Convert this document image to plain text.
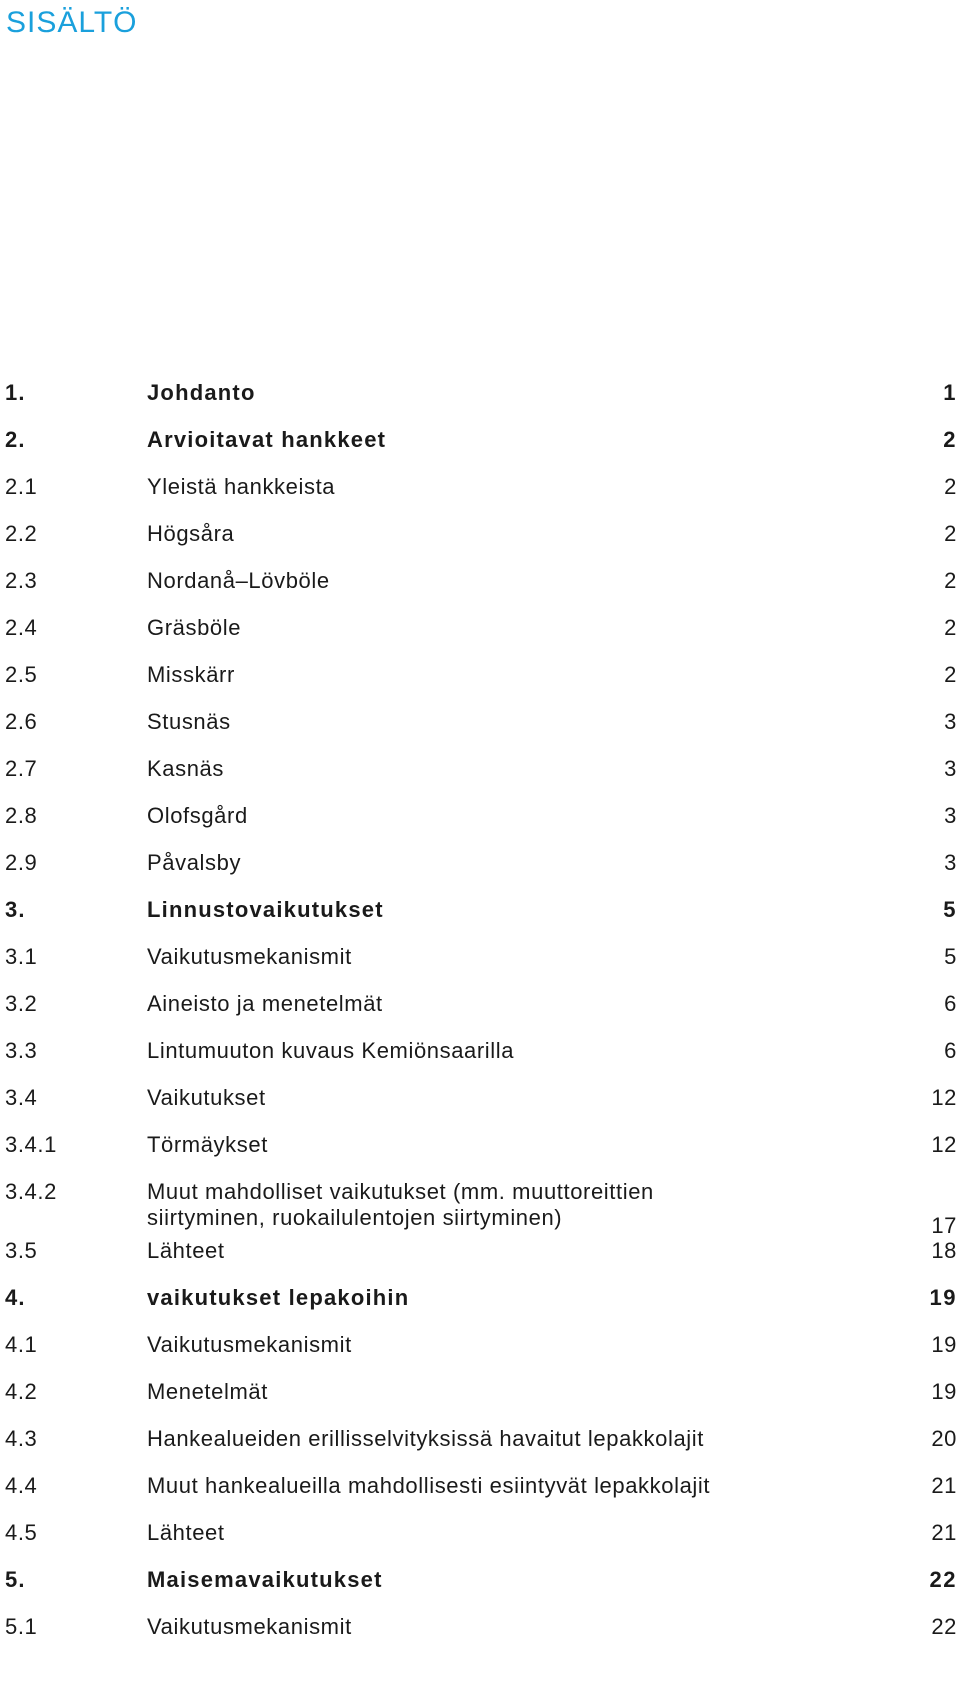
SISÄLTÖ
1.	Johdanto	1
2.	Arvioitavat hankkeet	2
2.1	Yleistä hankkeista	2
2.2	Högsåra	2
2.3	Nordanå–Lövböle	2
2.4	Gräsböle	2
2.5	Misskärr	2
2.6	Stusnäs	3
2.7	Kasnäs	3
2.8	Olofsgård	3
2.9	Påvalsby	3
3.	Linnustovaikutukset	5
3.1	Vaikutusmekanismit	5
3.2	Aineisto ja menetelmät	6
3.3	Lintumuuton kuvaus Kemiönsaarilla	6
3.4	Vaikutukset	12
3.4.1	Törmäykset	12
3.4.2	Muut mahdolliset vaikutukset (mm. muuttoreittien siirtyminen, ruokailulentojen siirtyminen)	17
3.5	Lähteet	18
4.	vaikutukset lepakoihin	19
4.1	Vaikutusmekanismit	19
4.2	Menetelmät	19
4.3	Hankealueiden erillisselvityksissä havaitut lepakkolajit	20
4.4	Muut hankealueilla mahdollisesti esiintyvät lepakkolajit	21
4.5	Lähteet	21
5.	Maisemavaikutukset	22
5.1	Vaikutusmekanismit	22
